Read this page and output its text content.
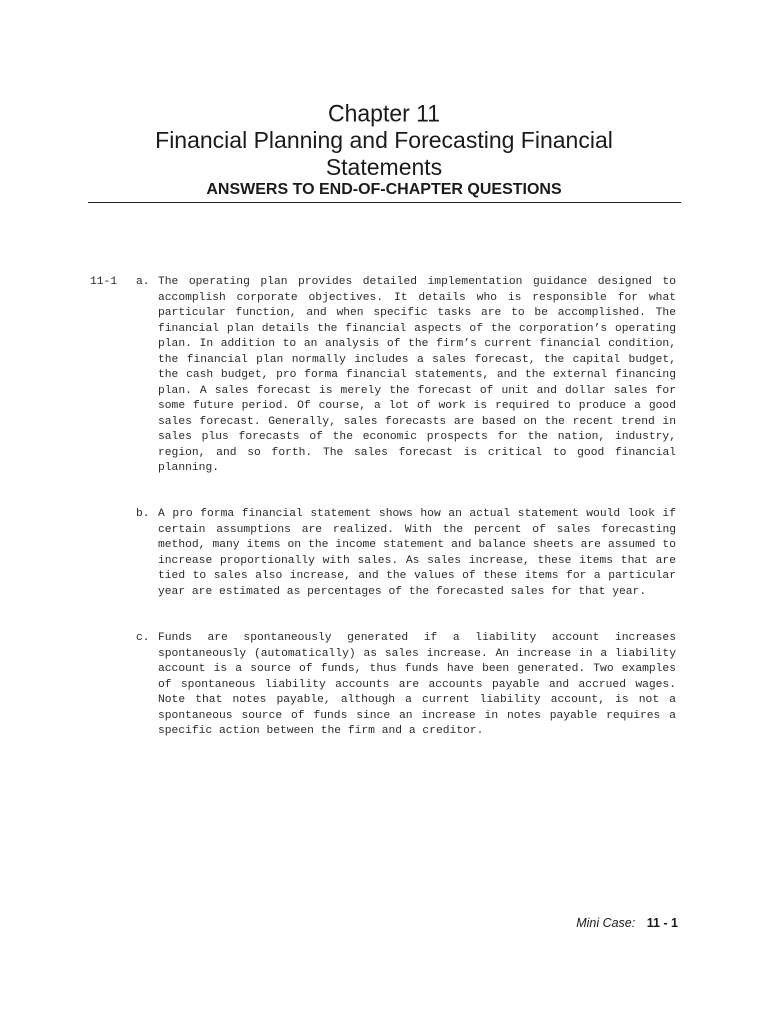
Chapter 11
Financial Planning and Forecasting Financial Statements
ANSWERS TO END-OF-CHAPTER QUESTIONS
11-1 a. The operating plan provides detailed implementation guidance designed to accomplish corporate objectives. It details who is responsible for what particular function, and when specific tasks are to be accomplished. The financial plan details the financial aspects of the corporation’s operating plan. In addition to an analysis of the firm’s current financial condition, the financial plan normally includes a sales forecast, the capital budget, the cash budget, pro forma financial statements, and the external financing plan. A sales forecast is merely the forecast of unit and dollar sales for some future period. Of course, a lot of work is required to produce a good sales forecast. Generally, sales forecasts are based on the recent trend in sales plus forecasts of the economic prospects for the nation, industry, region, and so forth. The sales forecast is critical to good financial planning.
b. A pro forma financial statement shows how an actual statement would look if certain assumptions are realized. With the percent of sales forecasting method, many items on the income statement and balance sheets are assumed to increase proportionally with sales. As sales increase, these items that are tied to sales also increase, and the values of these items for a particular year are estimated as percentages of the forecasted sales for that year.
c. Funds are spontaneously generated if a liability account increases spontaneously (automatically) as sales increase. An increase in a liability account is a source of funds, thus funds have been generated. Two examples of spontaneous liability accounts are accounts payable and accrued wages. Note that notes payable, although a current liability account, is not a spontaneous source of funds since an increase in notes payable requires a specific action between the firm and a creditor.
Mini Case: 11 - 1
